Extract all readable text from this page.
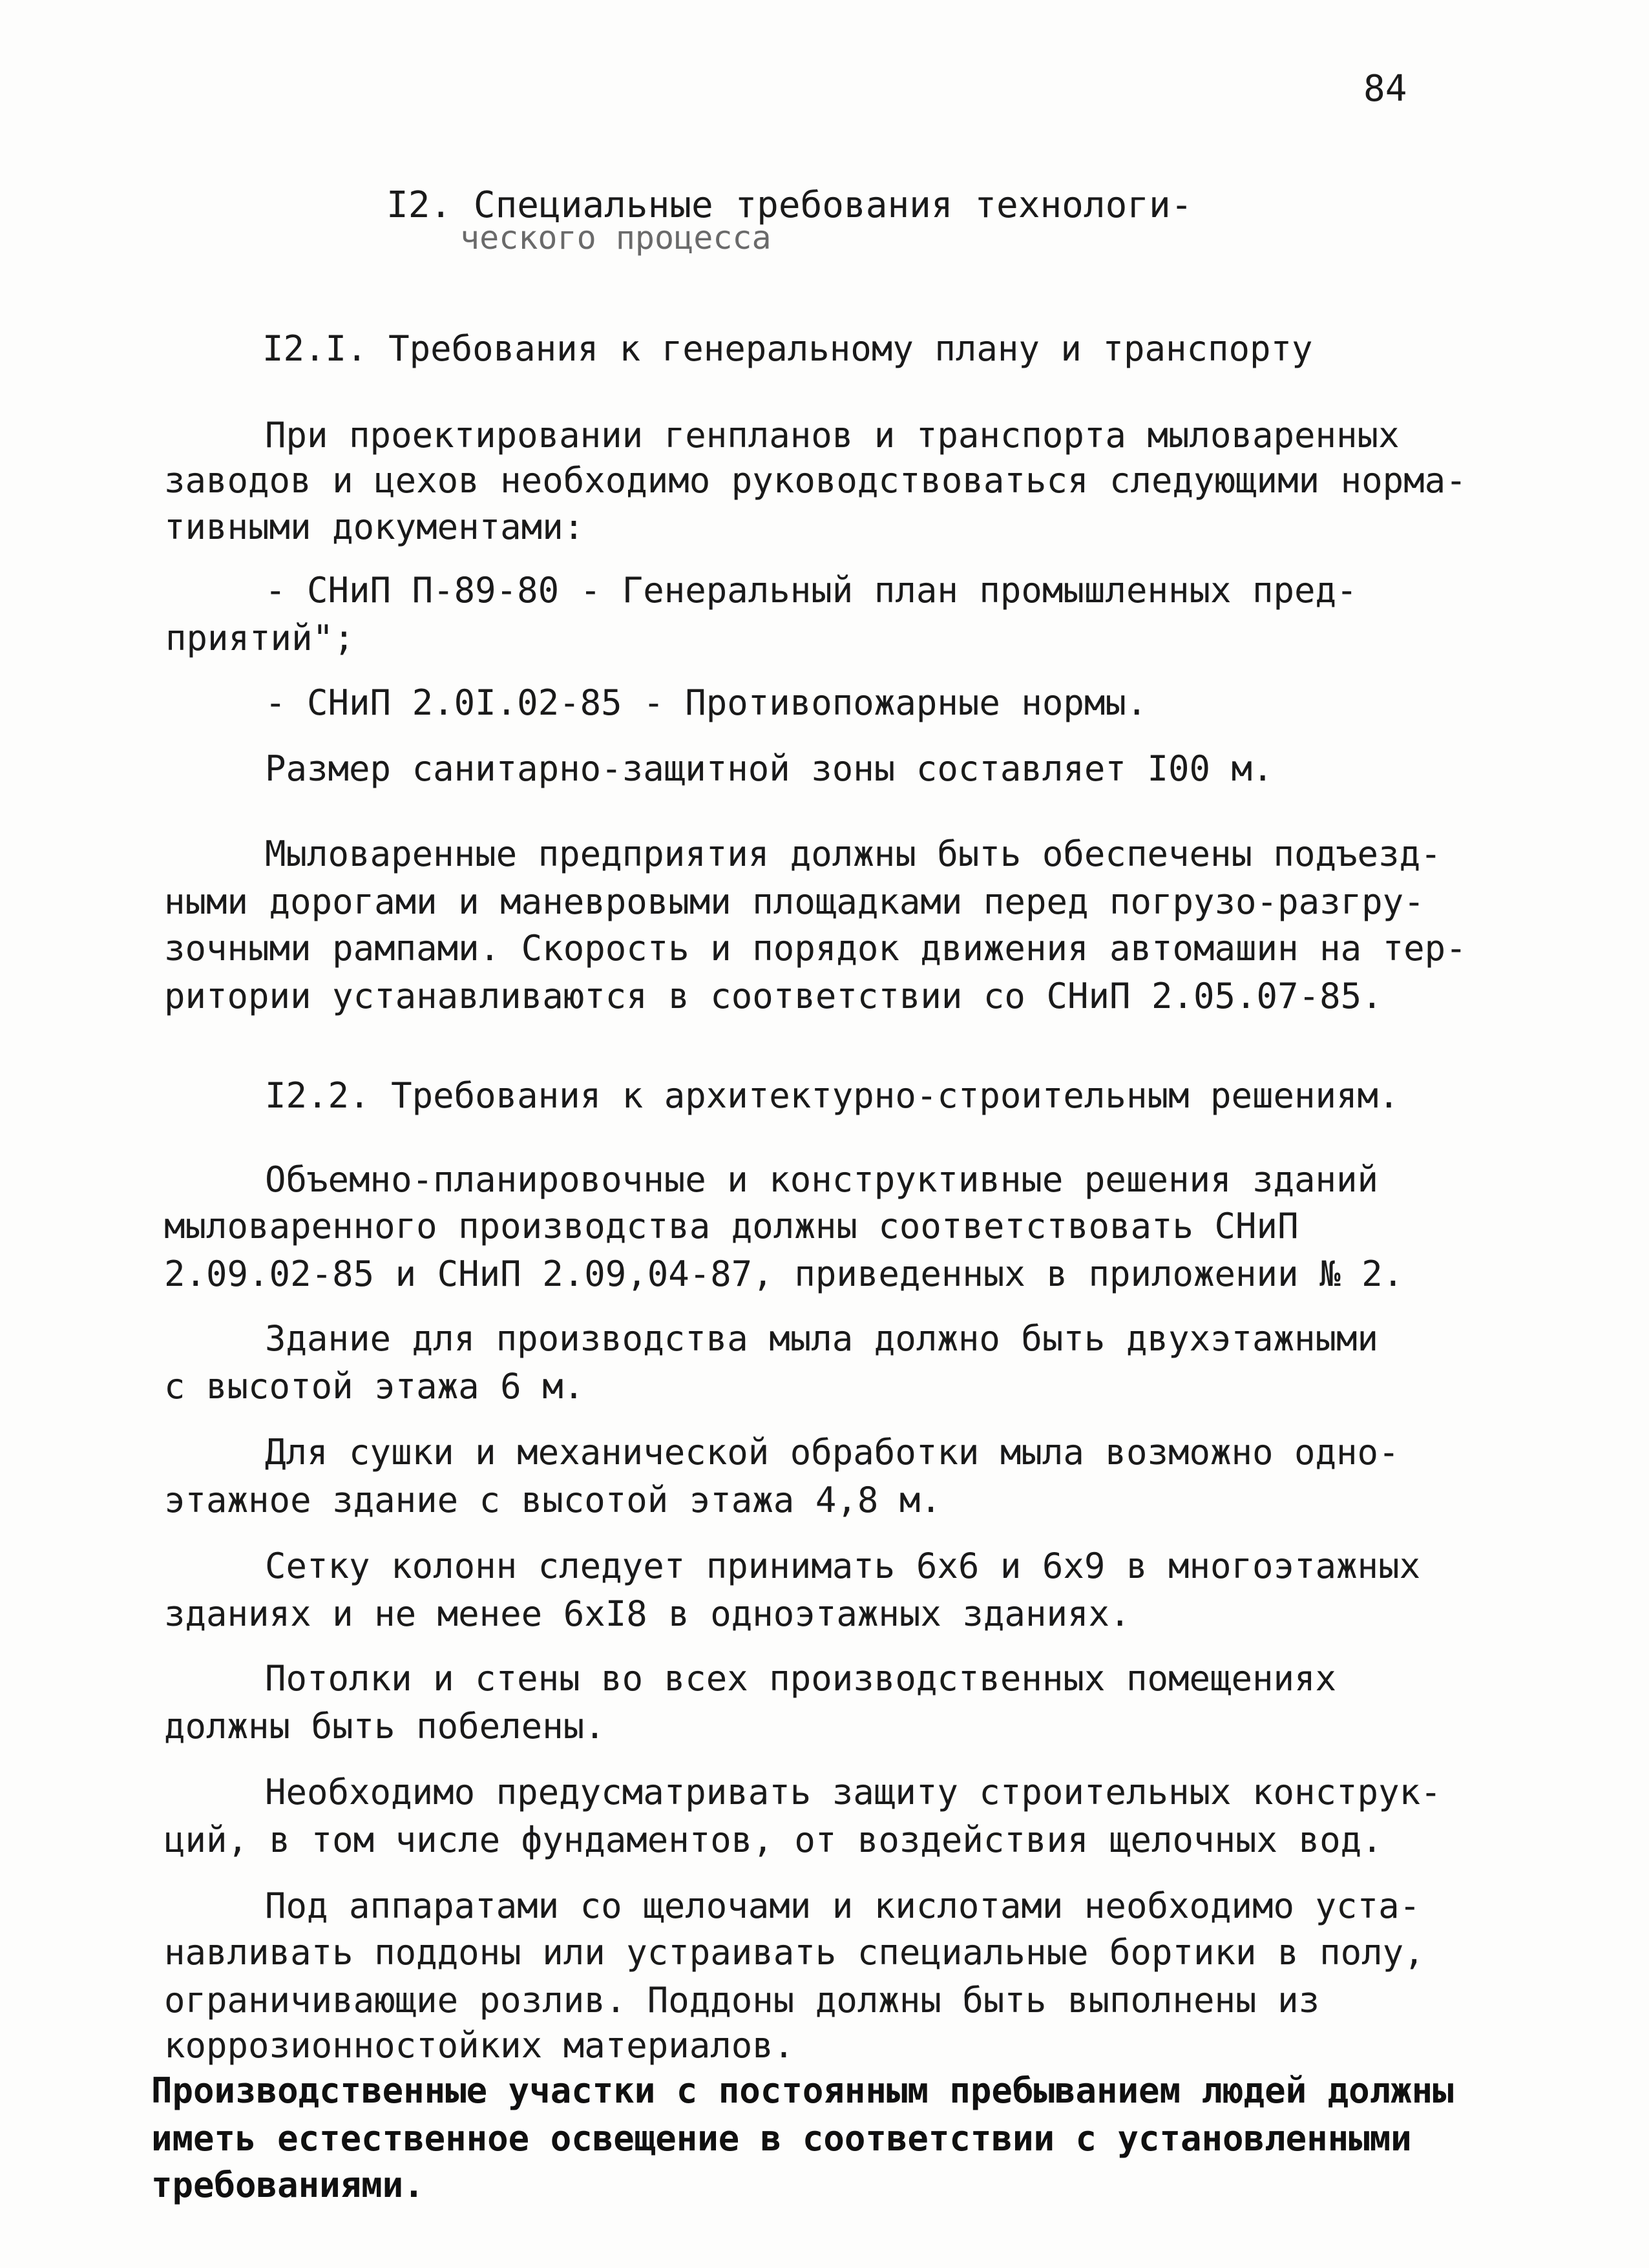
84
I2. Специальные требования технологи-
ческого процесса
I2.I. Требования к генеральному плану и транспорту
При проектировании генпланов и транспорта мыловаренных
заводов и цехов необходимо руководствоваться следующими норма-
тивными документами:
- СНиП П-89-80 - Генеральный план промышленных пред-
приятий";
- СНиП 2.0I.02-85 - Противопожарные нормы.
Размер санитарно-защитной зоны составляет I00 м.
Мыловаренные предприятия должны быть обеспечены подъезд-
ными дорогами и маневровыми площадками перед погрузо-разгру-
зочными рампами. Скорость и порядок движения автомашин на тер-
ритории устанавливаются в соответствии со СНиП 2.05.07-85.
I2.2. Требования к архитектурно-строительным решениям.
Объемно-планировочные и конструктивные решения зданий
мыловаренного производства должны соответствовать СНиП
2.09.02-85 и СНиП 2.09,04-87, приведенных в приложении № 2.
Здание для производства мыла должно быть двухэтажными
с высотой этажа 6 м.
Для сушки и механической обработки мыла возможно одно-
этажное здание с высотой этажа 4,8 м.
Сетку колонн следует принимать 6х6 и 6х9 в многоэтажных
зданиях и не менее 6хI8 в одноэтажных зданиях.
Потолки и стены во всех производственных помещениях
должны быть побелены.
Необходимо предусматривать защиту строительных конструк-
ций, в том числе фундаментов, от воздействия щелочных вод.
Под аппаратами со щелочами и кислотами необходимо уста-
навливать поддоны или устраивать специальные бортики в полу,
ограничивающие розлив. Поддоны должны быть выполнены из
коррозионностойких материалов.
Производственные участки с постоянным пребыванием людей должны
иметь естественное освещение в соответствии с установленными
требованиями.
